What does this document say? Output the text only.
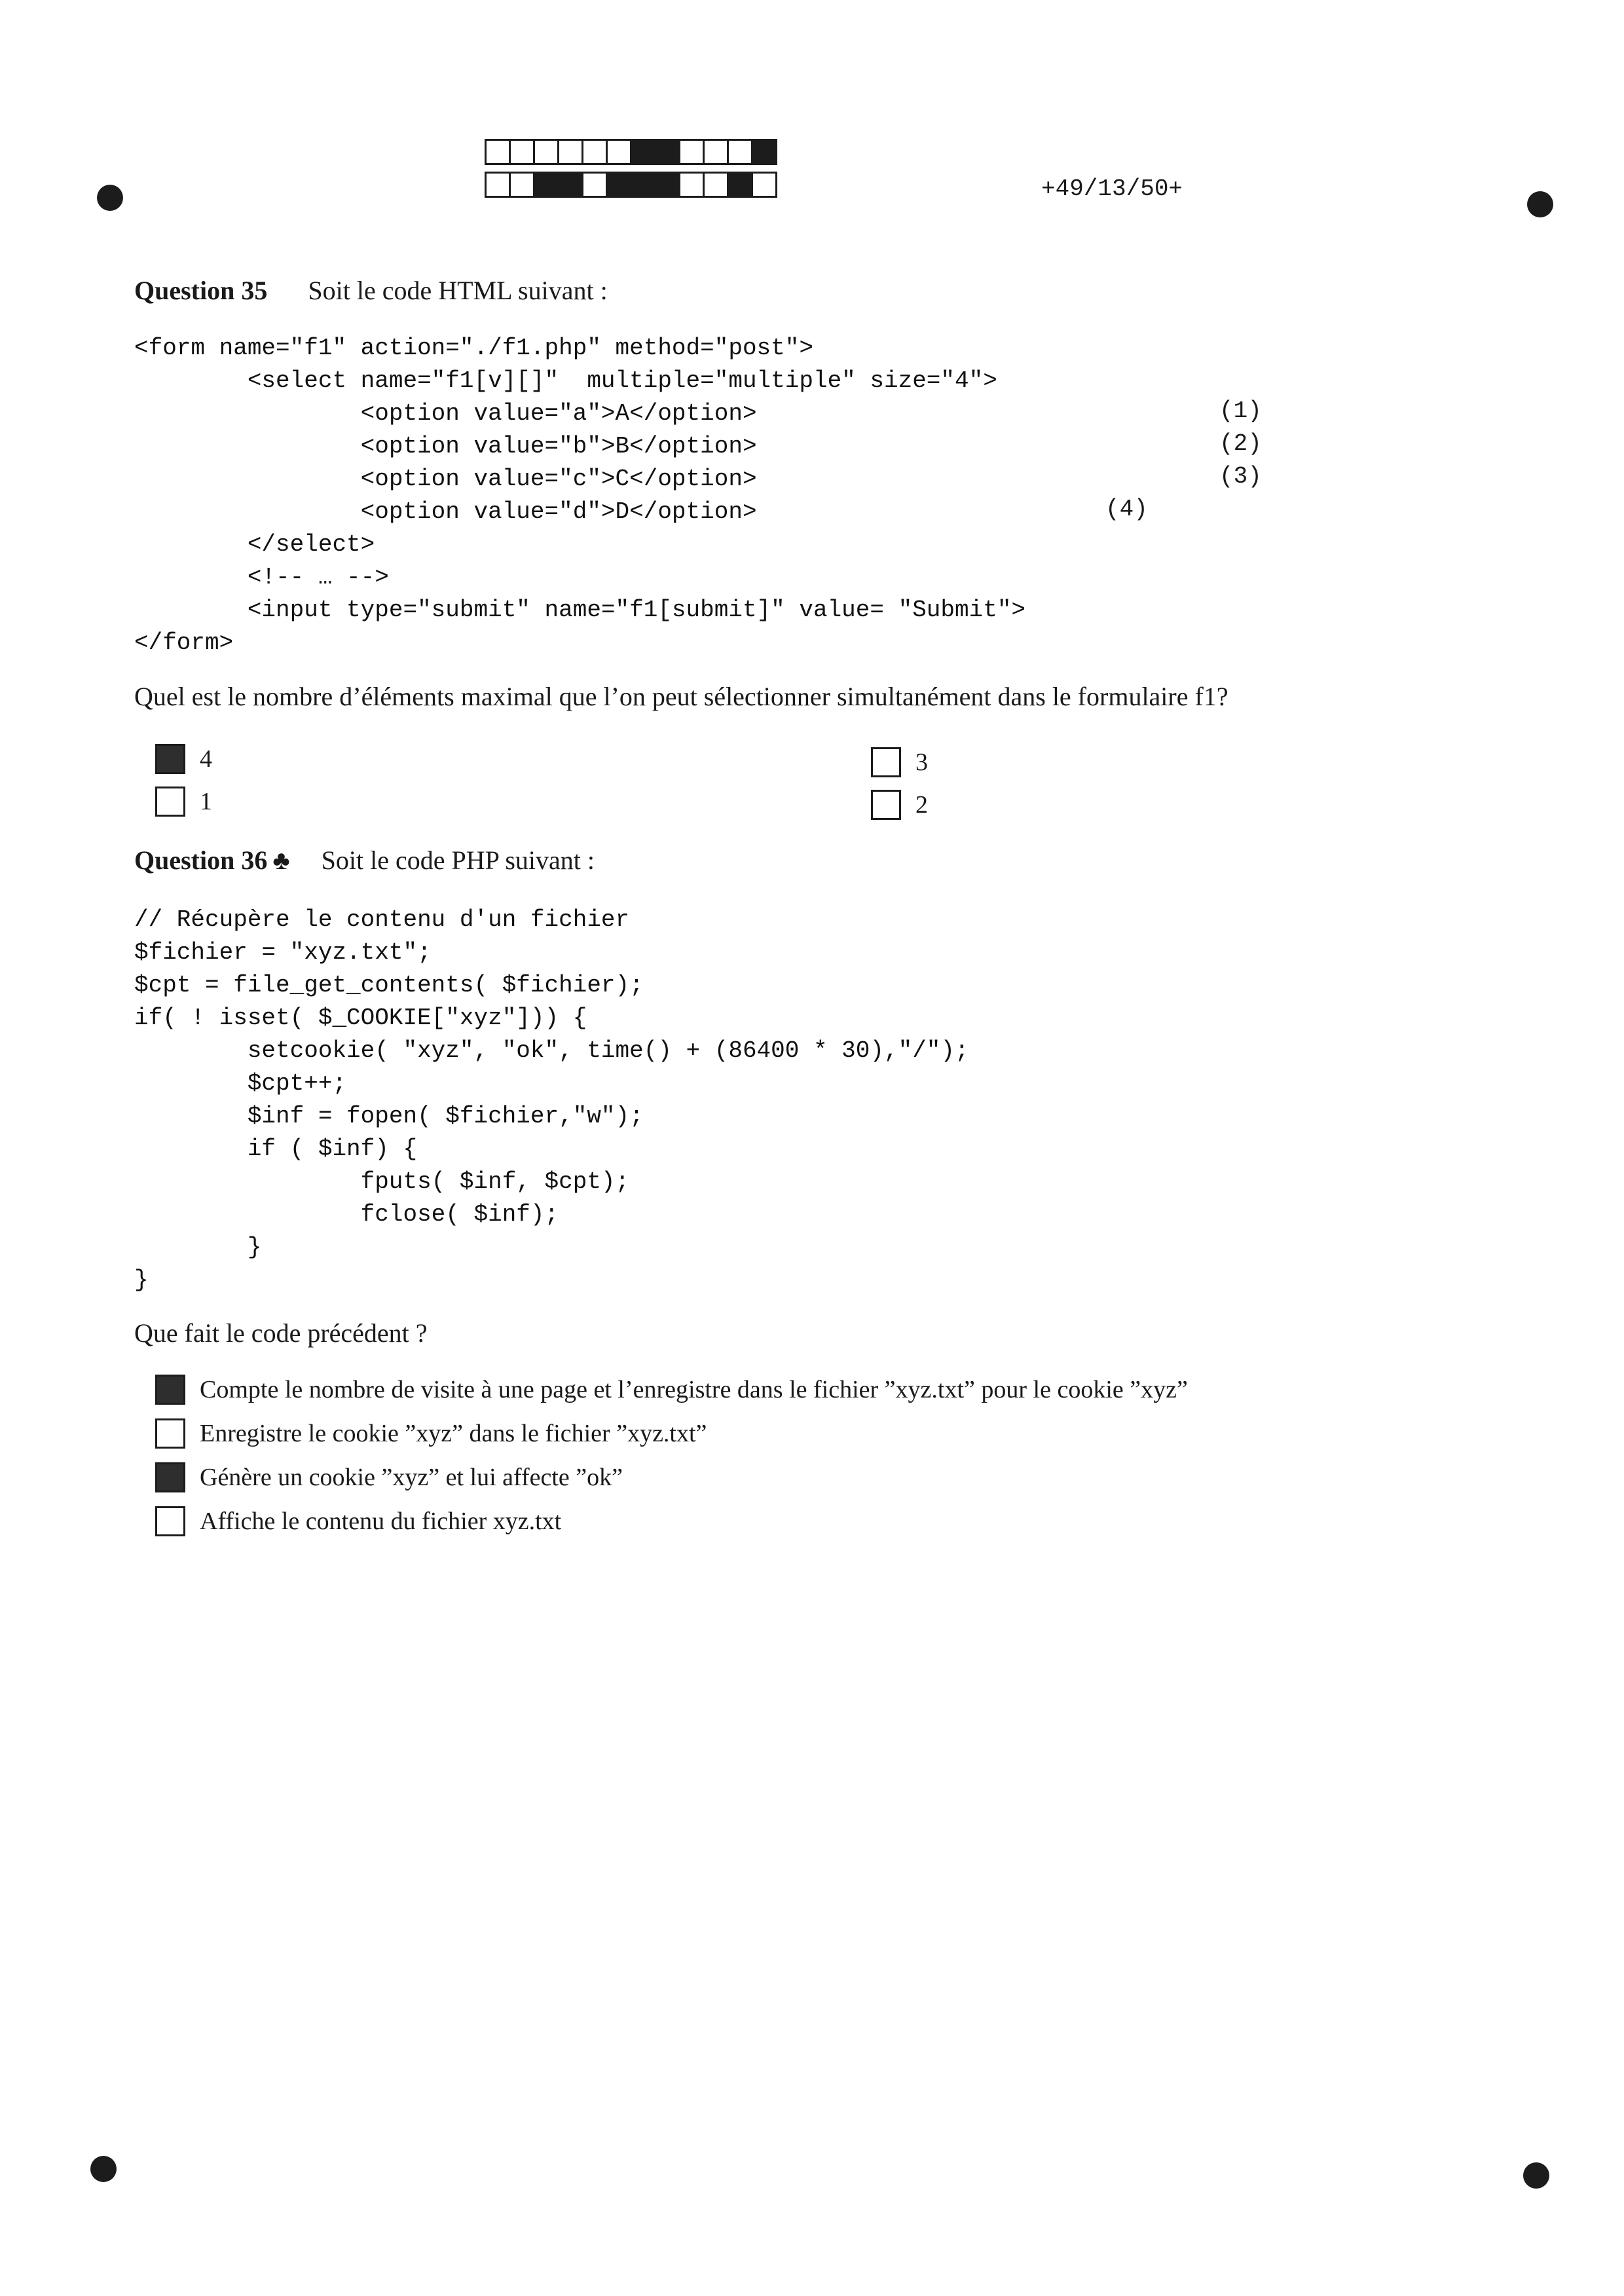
+49/13/50+
Question 35 Soit le code HTML suivant :
<form name="f1" action="./f1.php" method="post">
<select name="f1[v][]"  multiple="multiple" size="4">
<option value="a">A</option>
<option value="b">B</option>
<option value="c">C</option>
<option value="d">D</option>
</select>
<!-- … -->
<input type="submit" name="f1[submit]" value= "Submit">
</form>
(1)
(2)
(3)
(4)
Quel est le nombre d’éléments maximal que l’on peut sélectionner simultanément dans le formulaire f1?
4
1
3
2
Question 36 ♣ Soit le code PHP suivant :
// Récupère le contenu d'un fichier
$fichier = "xyz.txt";
$cpt = file_get_contents( $fichier);
if( ! isset( $_COOKIE["xyz"])) {
setcookie( "xyz", "ok", time() + (86400 * 30),"/");
$cpt++;
$inf = fopen( $fichier,"w");
if ( $inf) {
fputs( $inf, $cpt);
fclose( $inf);
}
}
Que fait le code précédent ?
Compte le nombre de visite à une page et l’enregistre dans le fichier ”xyz.txt” pour le cookie ”xyz”
Enregistre le cookie ”xyz” dans le fichier ”xyz.txt”
Génère un cookie ”xyz” et lui affecte ”ok”
Affiche le contenu du fichier xyz.txt
